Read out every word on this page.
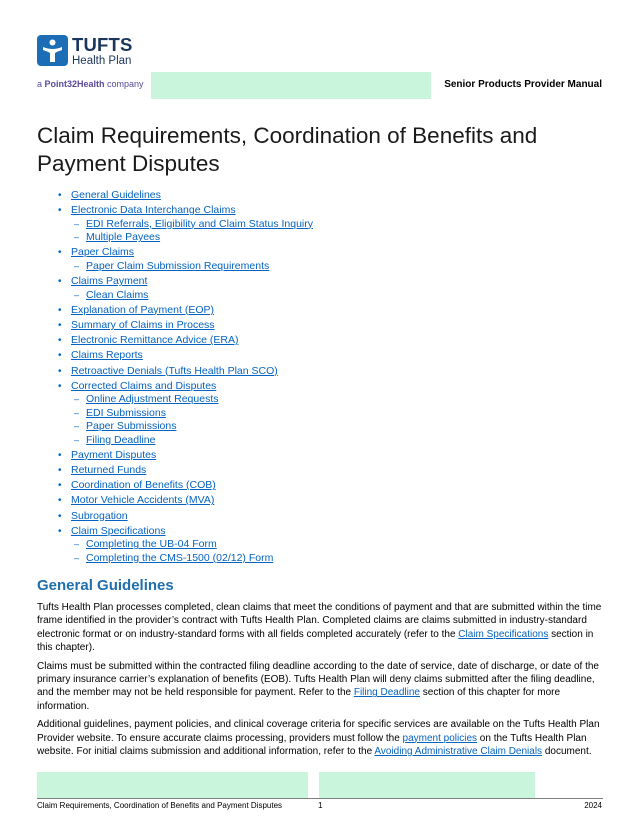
TUFTS
Health Plan
a Point32Health company	Senior Products Provider Manual
Claim Requirements, Coordination of Benefits and Payment Disputes
• General Guidelines
• Electronic Data Interchange Claims
– EDI Referrals, Eligibility and Claim Status Inquiry
– Multiple Payees
• Paper Claims
– Paper Claim Submission Requirements
• Claims Payment
– Clean Claims
• Explanation of Payment (EOP)
• Summary of Claims in Process
• Electronic Remittance Advice (ERA)
• Claims Reports
• Retroactive Denials (Tufts Health Plan SCO)
• Corrected Claims and Disputes
– Online Adjustment Requests
– EDI Submissions
– Paper Submissions
– Filing Deadline
• Payment Disputes
• Returned Funds
• Coordination of Benefits (COB)
• Motor Vehicle Accidents (MVA)
• Subrogation
• Claim Specifications
– Completing the UB-04 Form
– Completing the CMS-1500 (02/12) Form
General Guidelines

Tufts Health Plan processes completed, clean claims that meet the conditions of payment and that are submitted within the time frame identified in the provider’s contract with Tufts Health Plan. Completed claims are claims submitted in industry-standard electronic format or on industry-standard forms with all fields completed accurately (refer to the Claim Specifications section in this chapter).

Claims must be submitted within the contracted filing deadline according to the date of service, date of discharge, or date of the primary insurance carrier’s explanation of benefits (EOB). Tufts Health Plan will deny claims submitted after the filing deadline, and the member may not be held responsible for payment. Refer to the Filing Deadline section of this chapter for more information.

Additional guidelines, payment policies, and clinical coverage criteria for specific services are available on the Tufts Health Plan Provider website. To ensure accurate claims processing, providers must follow the payment policies on the Tufts Health Plan website. For initial claims submission and additional information, refer to the Avoiding Administrative Claim Denials document.

Claim Requirements, Coordination of Benefits and Payment Disputes	1	2024
